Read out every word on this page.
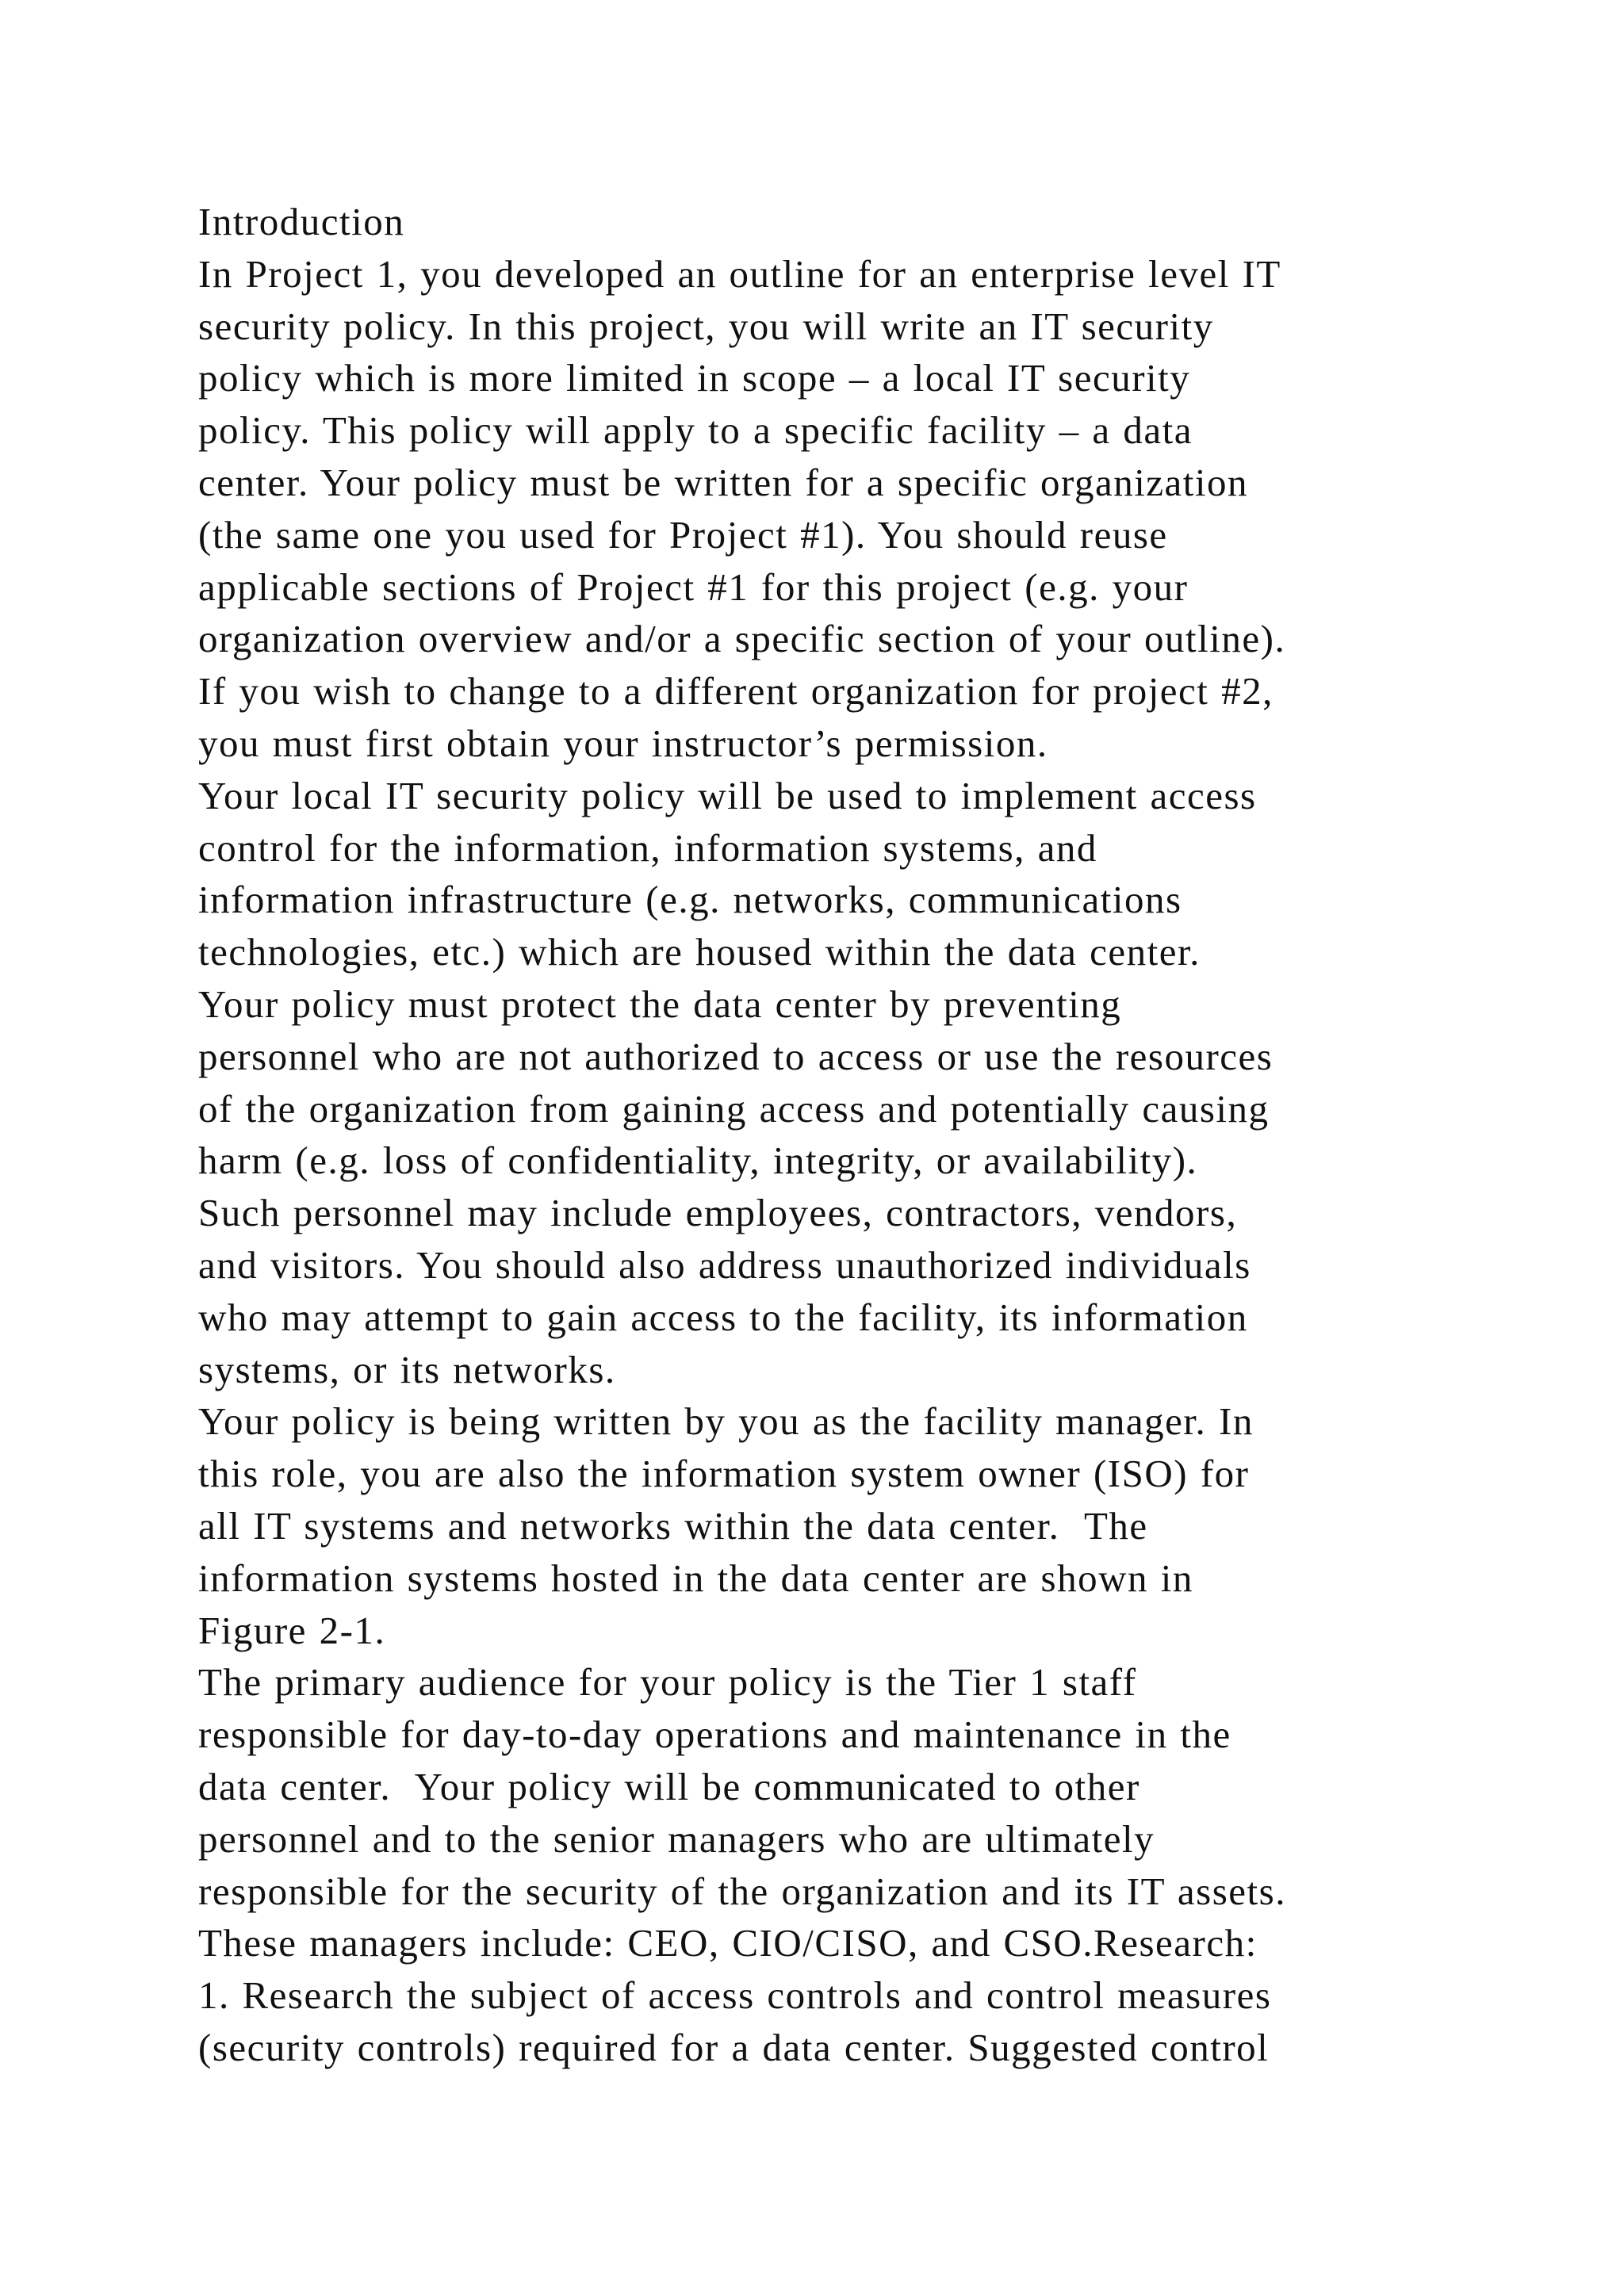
Introduction
In Project 1, you developed an outline for an enterprise level IT
security policy. In this project, you will write an IT security
policy which is more limited in scope – a local IT security
policy. This policy will apply to a specific facility – a data
center. Your policy must be written for a specific organization
(the same one you used for Project #1). You should reuse
applicable sections of Project #1 for this project (e.g. your
organization overview and/or a specific section of your outline).
If you wish to change to a different organization for project #2,
you must first obtain your instructor’s permission.
Your local IT security policy will be used to implement access
control for the information, information systems, and
information infrastructure (e.g. networks, communications
technologies, etc.) which are housed within the data center.
Your policy must protect the data center by preventing
personnel who are not authorized to access or use the resources
of the organization from gaining access and potentially causing
harm (e.g. loss of confidentiality, integrity, or availability).
Such personnel may include employees, contractors, vendors,
and visitors. You should also address unauthorized individuals
who may attempt to gain access to the facility, its information
systems, or its networks.
Your policy is being written by you as the facility manager. In
this role, you are also the information system owner (ISO) for
all IT systems and networks within the data center.  The
information systems hosted in the data center are shown in
Figure 2-1.
The primary audience for your policy is the Tier 1 staff
responsible for day-to-day operations and maintenance in the
data center.  Your policy will be communicated to other
personnel and to the senior managers who are ultimately
responsible for the security of the organization and its IT assets.
These managers include: CEO, CIO/CISO, and CSO.Research:
1. Research the subject of access controls and control measures
(security controls) required for a data center. Suggested control
